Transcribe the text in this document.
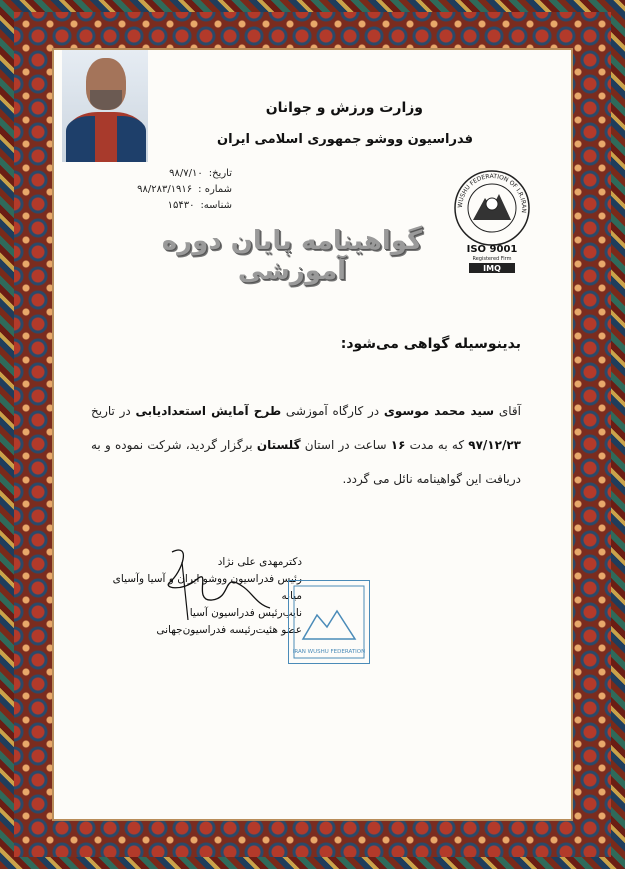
وزارت ورزش و جوانان
فدراسیون ووشو جمهوری اسلامی ایران
تاریخ:
۹۸/۷/۱۰
شماره :
۹۸/۲۸۳/۱۹۱۶
شناسه:
۱۵۴۳۰	WUSHU FEDERATION OF I.R.IRAN
ISO 9001
Registered Firm
IMQ
گواهینامه پایان دوره آموزشی
بدینوسیله گواهی می‌شود:
آقای سید محمد موسوی در کارگاه آموزشی طرح آمایش استعدادیابی در تاریخ ۹۷/۱۲/۲۳ که به مدت ۱۶ ساعت در استان گلستان برگزار گردید، شرکت نموده و به دریافت این گواهینامه نائل می گردد.
دکترمهدی علی نژاد
رئیس فدراسیون ووشو ایران و آسیا وآسیای میانه
نایب‌رئیس فدراسیون آسیا
عضو هئیت‌رئیسه فدراسیون‌جهانی
IRAN WUSHU FEDERATION
